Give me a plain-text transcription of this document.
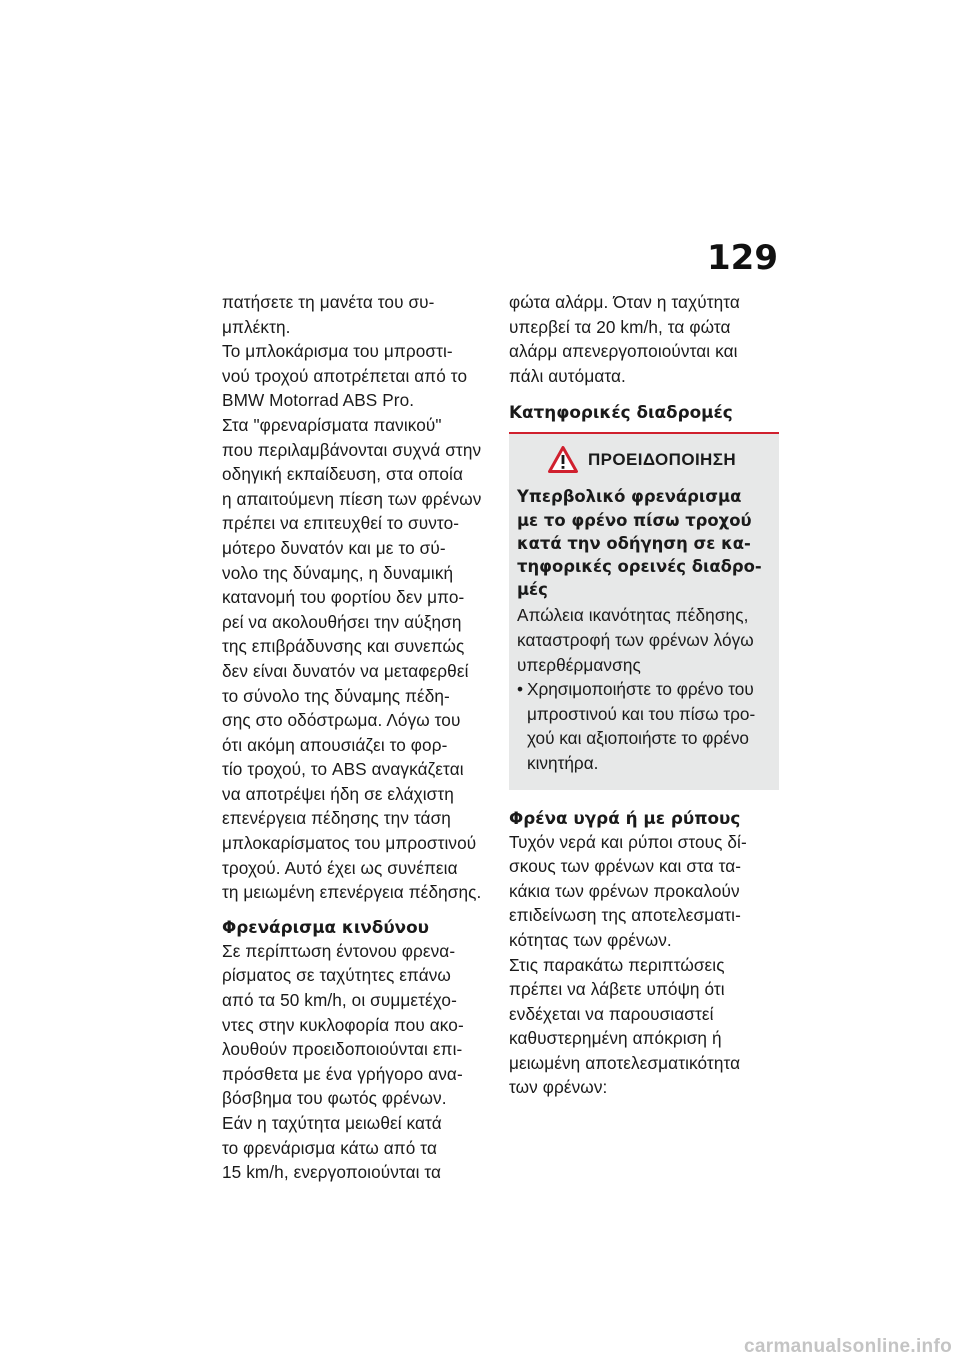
129

πατήσετε τη μανέτα του συ-
μπλέκτη.
Το μπλοκάρισμα του μπροστι-
νού τροχού αποτρέπεται από το
BMW Motorrad ABS Pro.
Στα "φρεναρίσματα πανικού"
που περιλαμβάνονται συχνά στην
οδηγική εκπαίδευση, στα οποία
η απαιτούμενη πίεση των φρένων
πρέπει να επιτευχθεί το συντο-
μότερο δυνατόν και με το σύ-
νολο της δύναμης, η δυναμική
κατανομή του φορτίου δεν μπο-
ρεί να ακολουθήσει την αύξηση
της επιβράδυνσης και συνεπώς
δεν είναι δυνατόν να μεταφερθεί
το σύνολο της δύναμης πέδη-
σης στο οδόστρωμα. Λόγω του
ότι ακόμη απουσιάζει το φορ-
τίο τροχού, το ABS αναγκάζεται
να αποτρέψει ήδη σε ελάχιστη
επενέργεια πέδησης την τάση
μπλοκαρίσματος του μπροστινού
τροχού. Αυτό έχει ως συνέπεια
τη μειωμένη επενέργεια πέδησης.

Φρενάρισμα κινδύνου

Σε περίπτωση έντονου φρενα-
ρίσματος σε ταχύτητες επάνω
από τα 50 km/h, οι συμμετέχο-
ντες στην κυκλοφορία που ακο-
λουθούν προειδοποιούνται επι-
πρόσθετα με ένα γρήγορο ανα-
βόσβημα του φωτός φρένων.
Εάν η ταχύτητα μειωθεί κατά
το φρενάρισμα κάτω από τα
15 km/h, ενεργοποιούνται τα

φώτα αλάρμ. Όταν η ταχύτητα
υπερβεί τα 20 km/h, τα φώτα
αλάρμ απενεργοποιούνται και
πάλι αυτόματα.

Κατηφορικές διαδρομές
ΠΡΟΕΙΔΟΠΟΙΗΣΗ

Υπερβολικό φρενάρισμα
με το φρένο πίσω τροχού
κατά την οδήγηση σε κα-
τηφορικές ορεινές διαδρο-
μές

Απώλεια ικανότητας πέδησης,
καταστροφή των φρένων λόγω
υπερθέρμανσης

• Χρησιμοποιήστε το φρένο του
μπροστινού και του πίσω τρο-
χού και αξιοποιήστε το φρένο
κινητήρα.
Φρένα υγρά ή με ρύπους

Τυχόν νερά και ρύποι στους δί-
σκους των φρένων και στα τα-
κάκια των φρένων προκαλούν
επιδείνωση της αποτελεσματι-
κότητας των φρένων.
Στις παρακάτω περιπτώσεις
πρέπει να λάβετε υπόψη ότι
ενδέχεται να παρουσιαστεί
καθυστερημένη απόκριση ή
μειωμένη αποτελεσματικότητα
των φρένων:

carmanualsonline.info
